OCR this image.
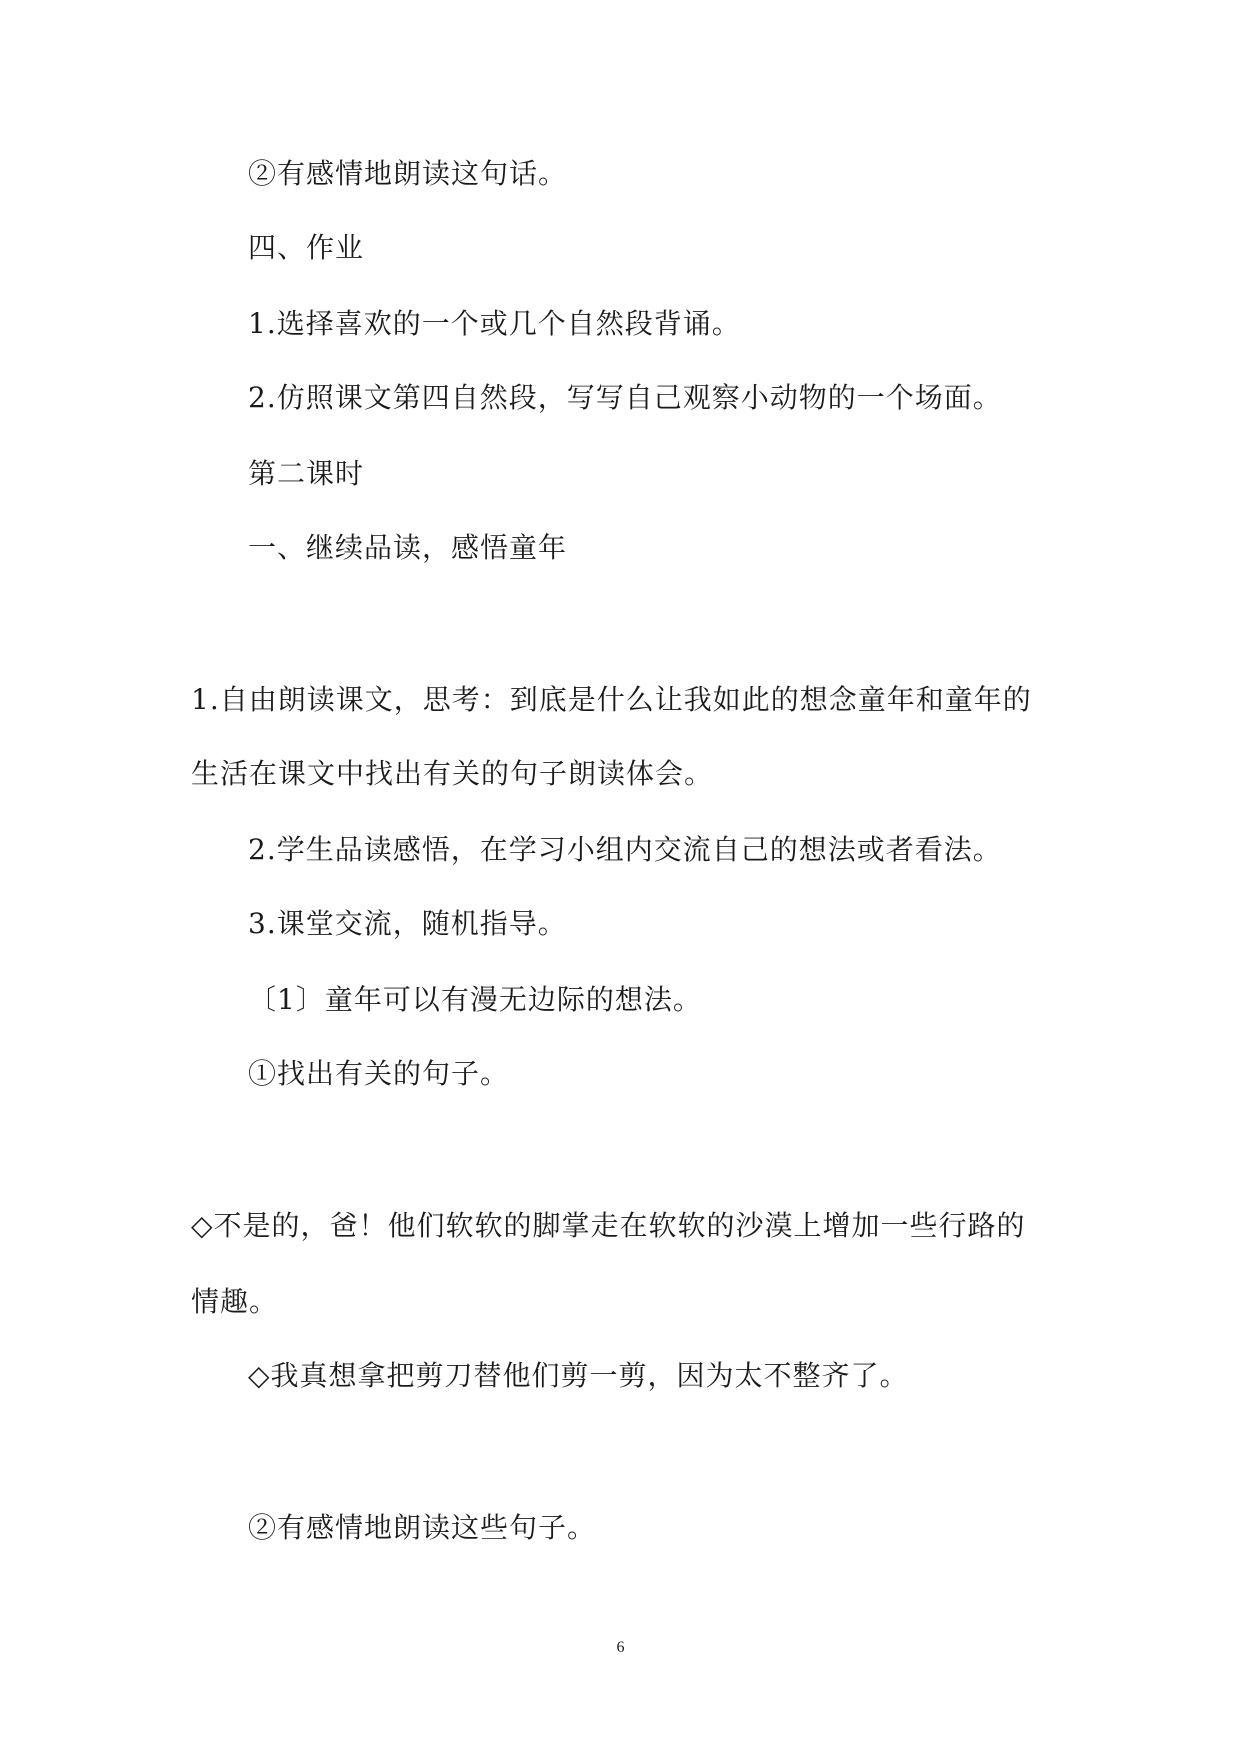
②有感情地朗读这句话。

四、作业

1.选择喜欢的一个或几个自然段背诵。

2.仿照课文第四自然段，写写自己观察小动物的一个场面。

第二课时

一、继续品读，感悟童年

1.自由朗读课文，思考：到底是什么让我如此的想念童年和童年的

生活在课文中找出有关的句子朗读体会。

2.学生品读感悟，在学习小组内交流自己的想法或者看法。

3.课堂交流，随机指导。

〔1〕童年可以有漫无边际的想法。

①找出有关的句子。

◇不是的，爸！他们软软的脚掌走在软软的沙漠上增加一些行路的

情趣。

◇我真想拿把剪刀替他们剪一剪，因为太不整齐了。

②有感情地朗读这些句子。

6
